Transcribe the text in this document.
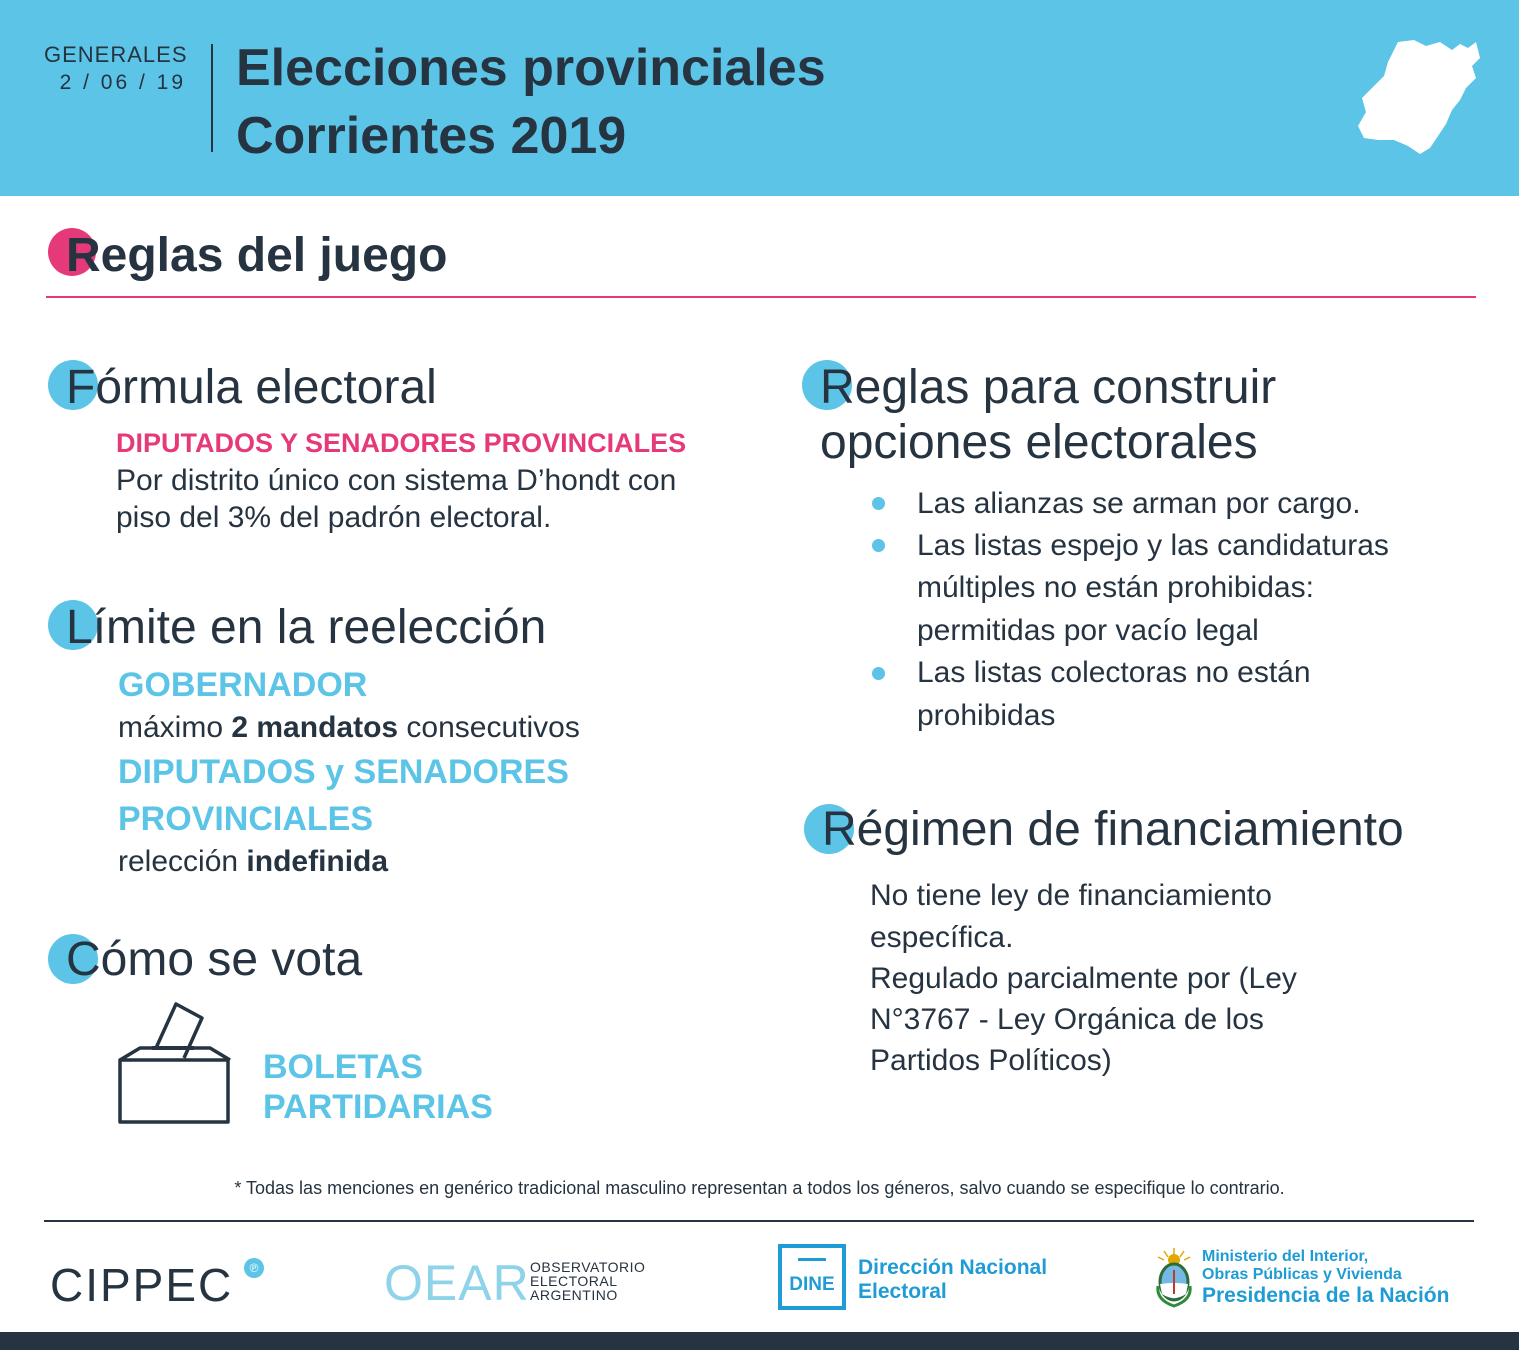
GENERALES
2 / 06 / 19 Elecciones provinciales
Corrientes 2019
Reglas del juego
Fórmula electoral
DIPUTADOS Y SENADORES PROVINCIALES
Por distrito único con sistema D’hondt con
piso del 3% del padrón electoral.
Límite en la reelección
GOBERNADOR
máximo 2 mandatos consecutivos
DIPUTADOS y SENADORES
PROVINCIALES
relección indefinida
Cómo se vota
BOLETAS
PARTIDARIAS
Reglas para construir
opciones electorales
Las alianzas se arman por cargo.
Las listas espejo y las candidaturas
múltiples no están prohibidas:
permitidas por vacío legal
Las listas colectoras no están
prohibidas
Régimen de financiamiento
No tiene ley de financiamiento
específica.
Regulado parcialmente por (Ley
N°3767 - Ley Orgánica de los
Partidos Políticos)
* Todas las menciones en genérico tradicional masculino representan a todos los géneros, salvo cuando se especifique lo contrario.
CIPPEC	℗	OEAR OBSERVATORIO
ELECTORAL
ARGENTINO	DINE
Dirección Nacional
Electoral
Ministerio del Interior,
Obras Públicas y Vivienda
Presidencia de la Nación
